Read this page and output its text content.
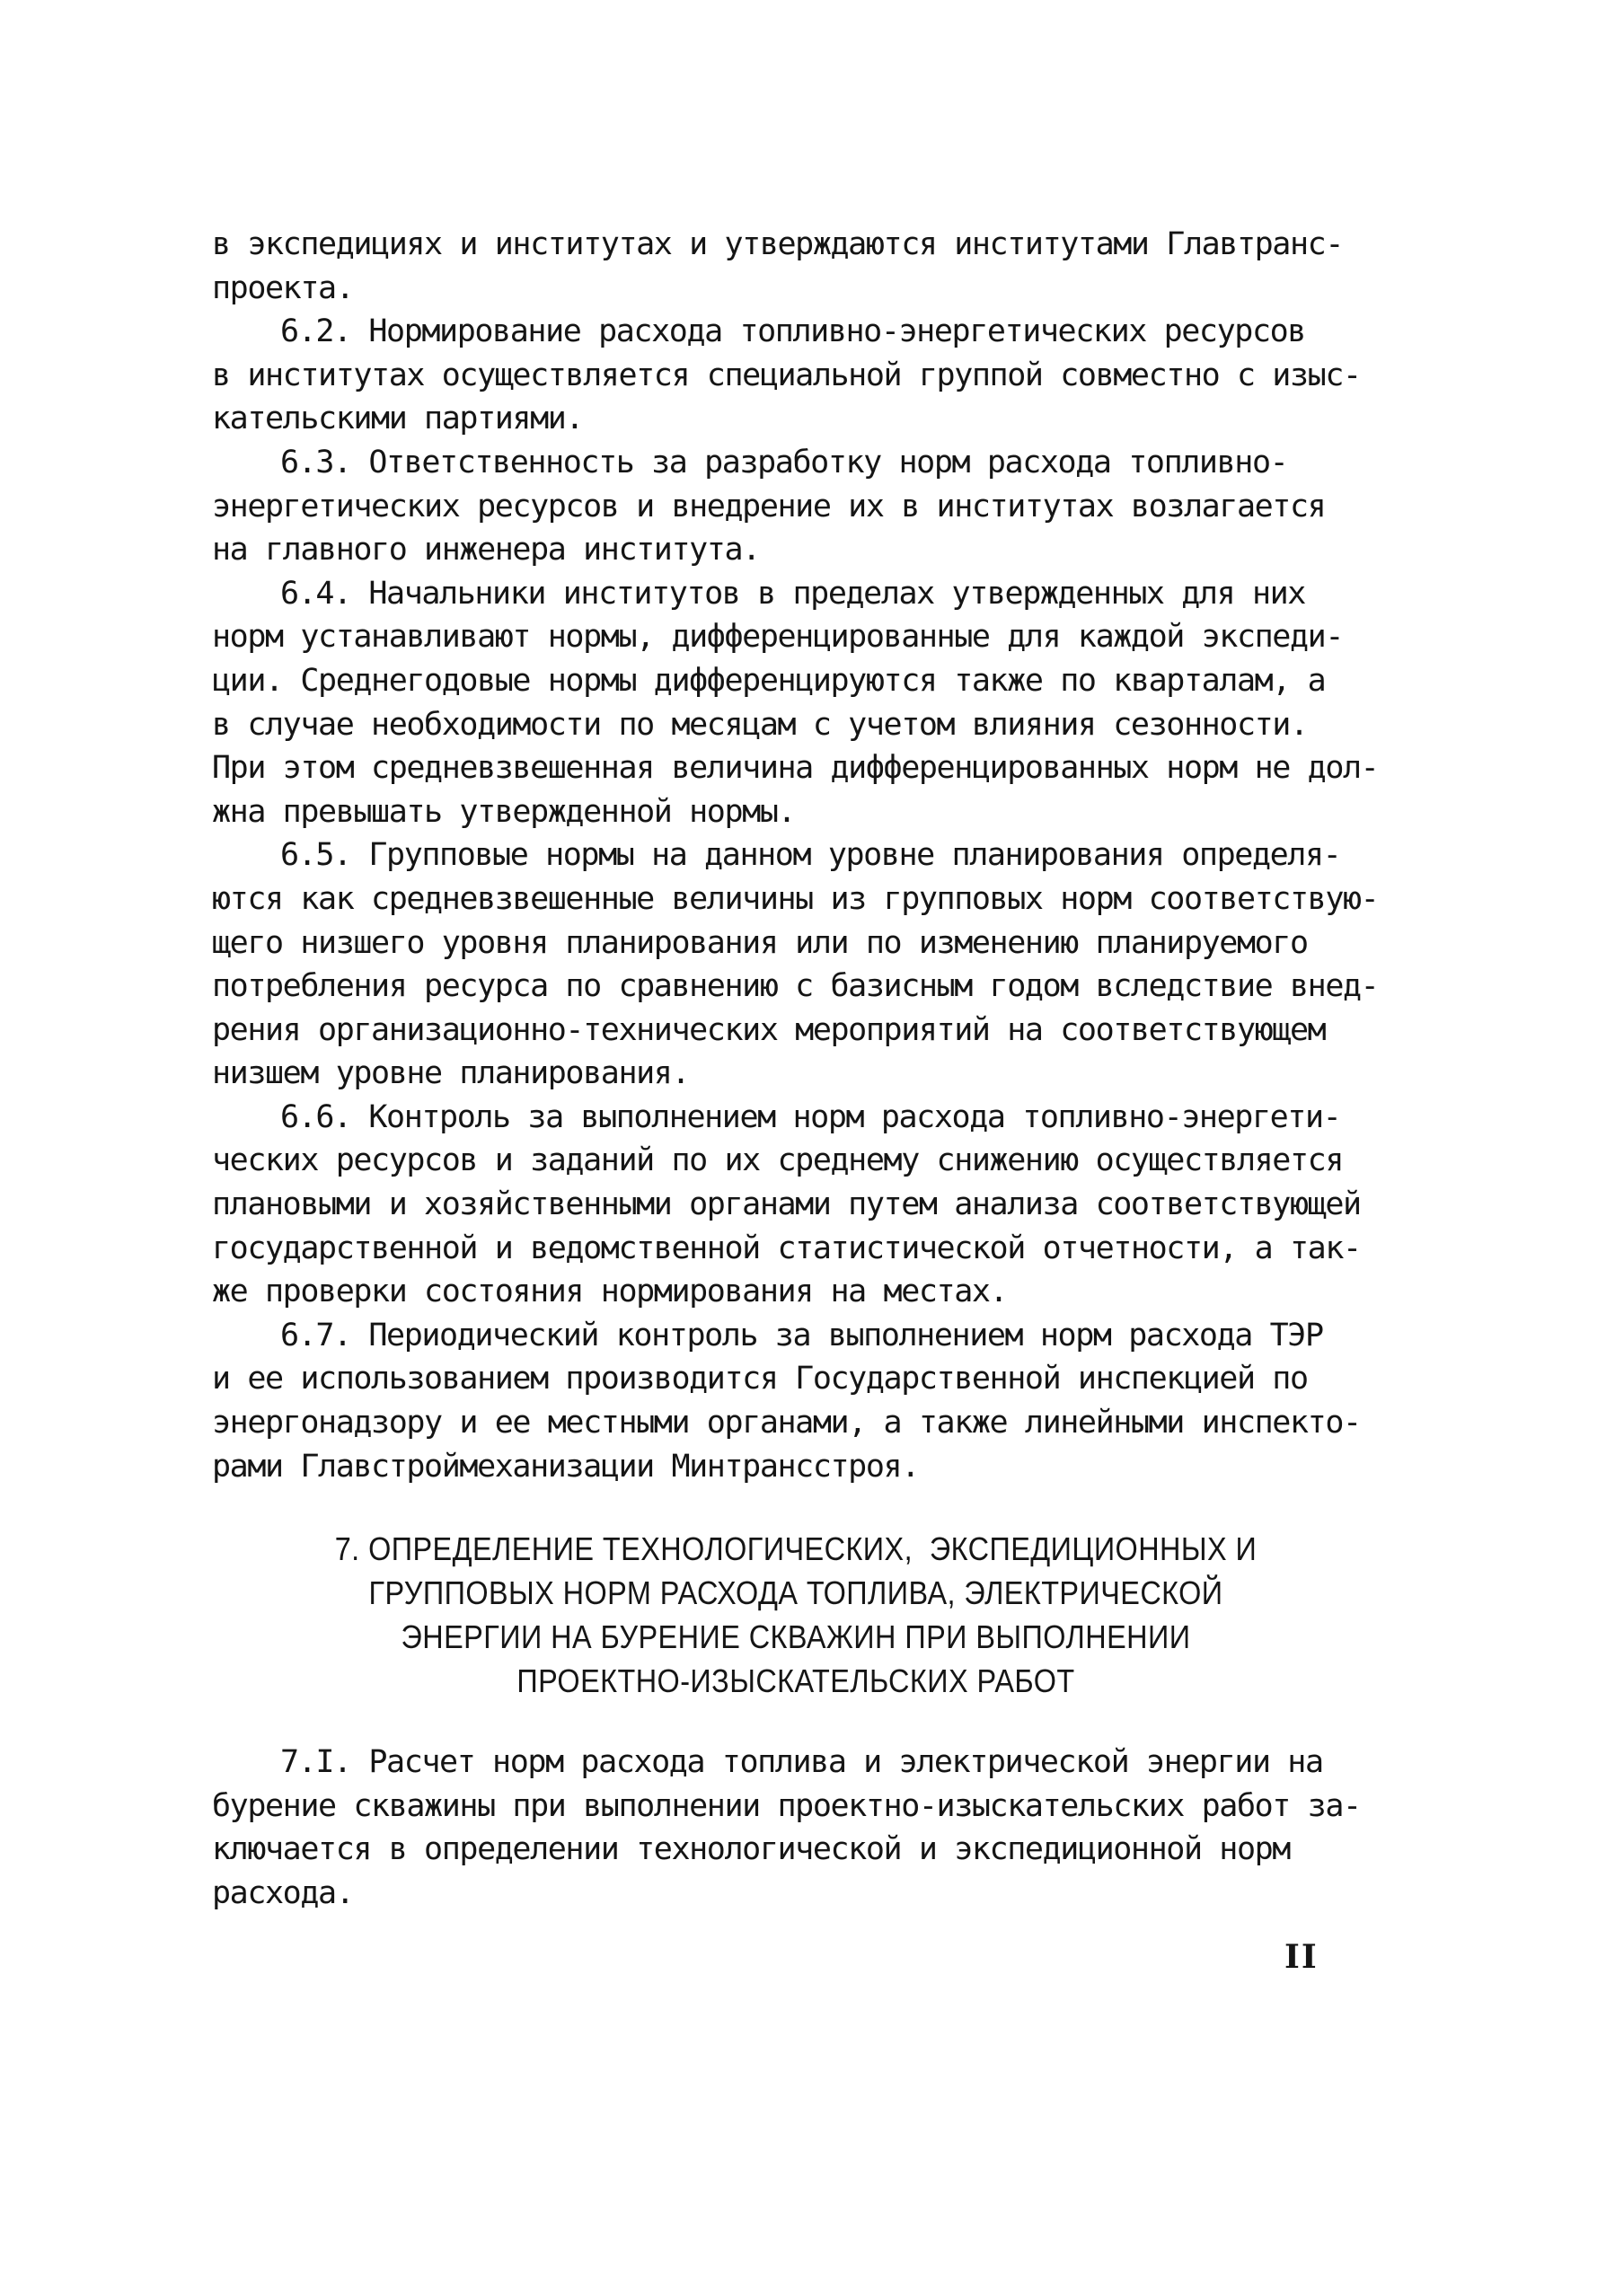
в экспедициях и институтах и утверждаются институтами Главтранс-
проекта.
6.2. Нормирование расхода топливно-энергетических ресурсов
в институтах осуществляется специальной группой совместно с изыс-
кательскими партиями.
6.3. Ответственность за разработку норм расхода топливно-
энергетических ресурсов и внедрение их в институтах возлагается
на главного инженера института.
6.4. Начальники институтов в пределах утвержденных для них
норм устанавливают нормы, дифференцированные для каждой экспеди-
ции. Среднегодовые нормы дифференцируются также по кварталам, а
в случае необходимости по месяцам с учетом влияния сезонности.
При этом средневзвешенная величина дифференцированных норм не дол-
жна превышать утвержденной нормы.
6.5. Групповые нормы на данном уровне планирования определя-
ются как средневзвешенные величины из групповых норм соответствую-
щего низшего уровня планирования или по изменению планируемого
потребления ресурса по сравнению с базисным годом вследствие внед-
рения организационно-технических мероприятий на соответствующем
низшем уровне планирования.
6.6. Контроль за выполнением норм расхода топливно-энергети-
ческих ресурсов и заданий по их среднему снижению осуществляется
плановыми и хозяйственными органами путем анализа соответствующей
государственной и ведомственной статистической отчетности, а так-
же проверки состояния нормирования на местах.
6.7. Периодический контроль за выполнением норм расхода ТЭР
и ее использованием производится Государственной инспекцией по
энергонадзору и ее местными органами, а также линейными инспекто-
рами Главстроймеханизации Минтрансстроя.
7. ОПРЕДЕЛЕНИЕ ТЕХНОЛОГИЧЕСКИХ,  ЭКСПЕДИЦИОННЫХ И
ГРУППОВЫХ НОРМ РАСХОДА ТОПЛИВА, ЭЛЕКТРИЧЕСКОЙ
ЭНЕРГИИ НА БУРЕНИЕ СКВАЖИН ПРИ ВЫПОЛНЕНИИ
ПРОЕКТНО-ИЗЫСКАТЕЛЬСКИХ РАБОТ
7.I. Расчет норм расхода топлива и электрической энергии на
бурение скважины при выполнении проектно-изыскательских работ за-
ключается в определении технологической и экспедиционной норм
расхода.
II
